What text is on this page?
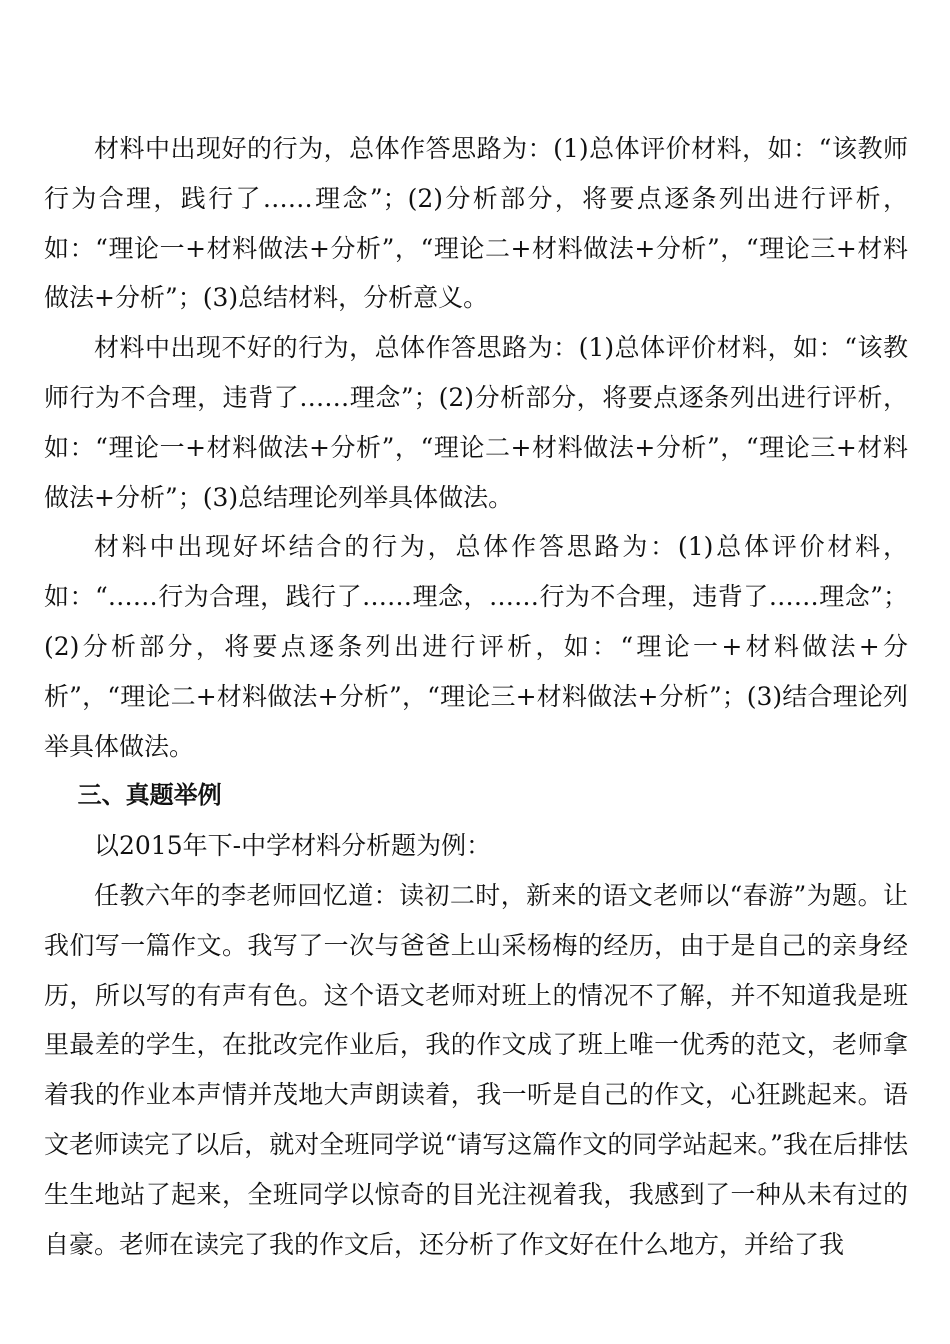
材料中出现好的行为，总体作答思路为：(1)总体评价材料，如：“该教师行为合理，践行了……理念”；(2)分析部分，将要点逐条列出进行评析，如：“理论一+材料做法+分析”，“理论二+材料做法+分析”，“理论三+材料做法+分析”；(3)总结材料，分析意义。

材料中出现不好的行为，总体作答思路为：(1)总体评价材料，如：“该教师行为不合理，违背了……理念”；(2)分析部分，将要点逐条列出进行评析，如：“理论一+材料做法+分析”，“理论二+材料做法+分析”，“理论三+材料做法+分析”；(3)总结理论列举具体做法。

材料中出现好坏结合的行为，总体作答思路为：(1)总体评价材料，如：“……行为合理，践行了……理念，……行为不合理，违背了……理念”；(2)分析部分，将要点逐条列出进行评析，如：“理论一+材料做法+分析”，“理论二+材料做法+分析”，“理论三+材料做法+分析”；(3)结合理论列举具体做法。

三、真题举例

以2015年下-中学材料分析题为例：

任教六年的李老师回忆道：读初二时，新来的语文老师以“春游”为题。让我们写一篇作文。我写了一次与爸爸上山采杨梅的经历，由于是自己的亲身经历，所以写的有声有色。这个语文老师对班上的情况不了解，并不知道我是班里最差的学生，在批改完作业后，我的作文成了班上唯一优秀的范文，老师拿着我的作业本声情并茂地大声朗读着，我一听是自己的作文，心狂跳起来。语文老师读完了以后，就对全班同学说“请写这篇作文的同学站起来。”我在后排怯生生地站了起来，全班同学以惊奇的目光注视着我，我感到了一种从未有过的自豪。老师在读完了我的作文后，还分析了作文好在什么地方，并给了我
